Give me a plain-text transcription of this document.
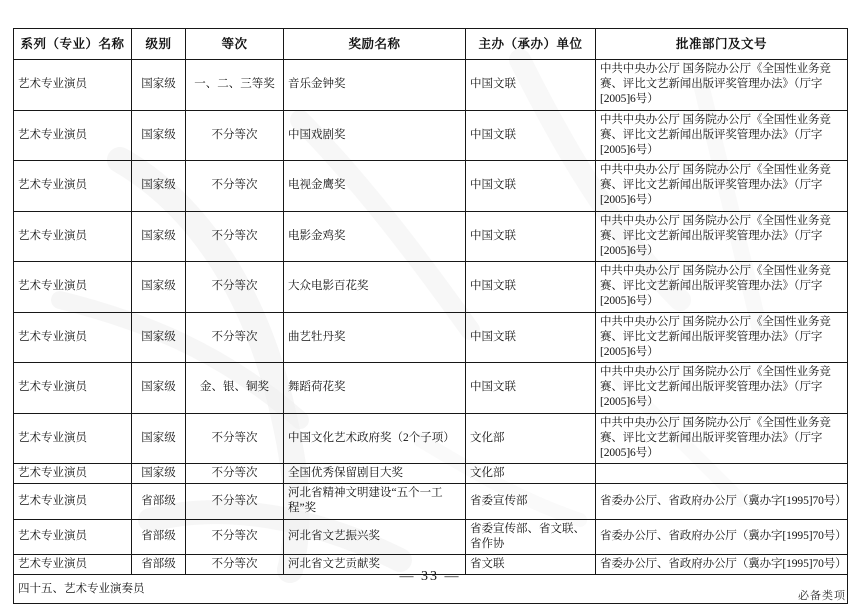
系列（专业）名称	级别	等次	奖励名称	主办（承办）单位	批准部门及文号
艺术专业演员	国家级	一、二、三等奖	音乐金钟奖	中国文联	中共中央办公厅 国务院办公厅《全国性业务竞赛、评比文艺新闻出版评奖管理办法》（厅字[2005]6号）
艺术专业演员	国家级	不分等次	中国戏剧奖	中国文联	中共中央办公厅 国务院办公厅《全国性业务竞赛、评比文艺新闻出版评奖管理办法》（厅字[2005]6号）
艺术专业演员	国家级	不分等次	电视金鹰奖	中国文联	中共中央办公厅 国务院办公厅《全国性业务竞赛、评比文艺新闻出版评奖管理办法》（厅字[2005]6号）
艺术专业演员	国家级	不分等次	电影金鸡奖	中国文联	中共中央办公厅 国务院办公厅《全国性业务竞赛、评比文艺新闻出版评奖管理办法》（厅字[2005]6号）
艺术专业演员	国家级	不分等次	大众电影百花奖	中国文联	中共中央办公厅 国务院办公厅《全国性业务竞赛、评比文艺新闻出版评奖管理办法》（厅字[2005]6号）
艺术专业演员	国家级	不分等次	曲艺牡丹奖	中国文联	中共中央办公厅 国务院办公厅《全国性业务竞赛、评比文艺新闻出版评奖管理办法》（厅字[2005]6号）
艺术专业演员	国家级	金、银、铜奖	舞蹈荷花奖	中国文联	中共中央办公厅 国务院办公厅《全国性业务竞赛、评比文艺新闻出版评奖管理办法》（厅字[2005]6号）
艺术专业演员	国家级	不分等次	中国文化艺术政府奖（2个子项）	文化部	中共中央办公厅 国务院办公厅《全国性业务竞赛、评比文艺新闻出版评奖管理办法》（厅字[2005]6号）
艺术专业演员	国家级	不分等次	全国优秀保留剧目大奖	文化部	
艺术专业演员	省部级	不分等次	河北省精神文明建设“五个一工程”奖	省委宣传部	省委办公厅、省政府办公厅（冀办字[1995]70号）
艺术专业演员	省部级	不分等次	河北省文艺振兴奖	省委宣传部、省文联、省作协	省委办公厅、省政府办公厅（冀办字[1995]70号）
艺术专业演员	省部级	不分等次	河北省文艺贡献奖	省文联	省委办公厅、省政府办公厅（冀办字[1995]70号）
四十五、艺术专业演奏员					
— 33 —
必备类项
